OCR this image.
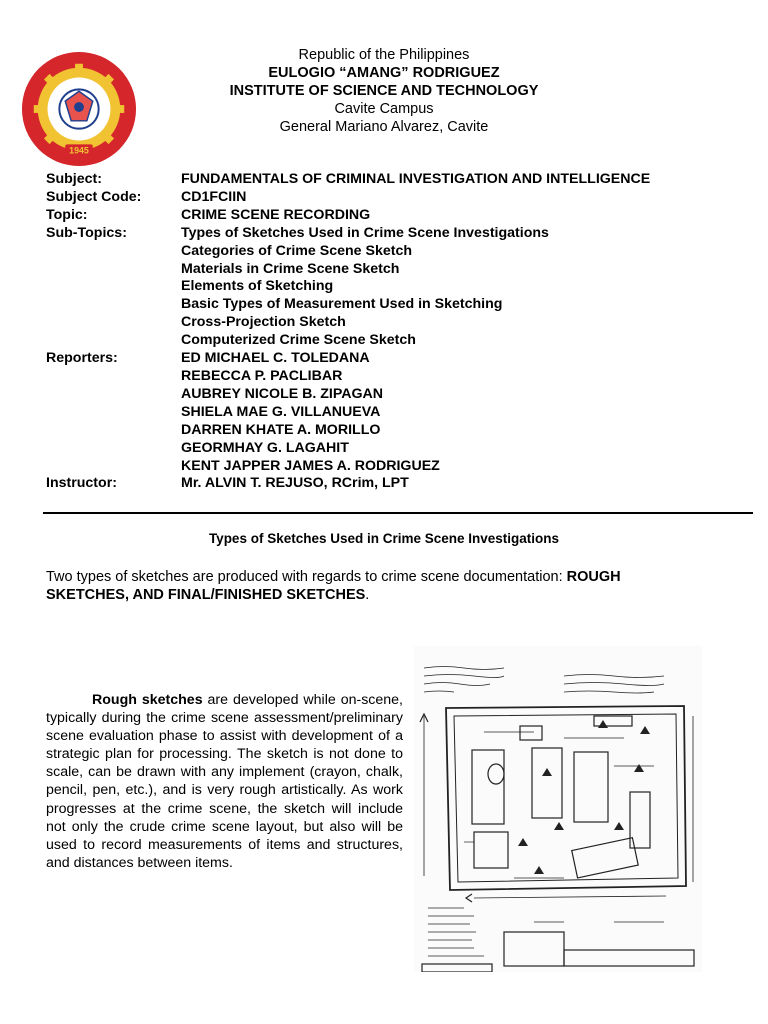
1945
Republic of the Philippines
EULOGIO “AMANG” RODRIGUEZ
INSTITUTE OF SCIENCE AND TECHNOLOGY
Cavite Campus
General Mariano Alvarez, Cavite
Subject:	FUNDAMENTALS OF CRIMINAL INVESTIGATION AND INTELLIGENCE
Subject Code:	CD1FCIIN
Topic:	CRIME SCENE RECORDING
Sub-Topics:	Types of Sketches Used in Crime Scene Investigations
Categories of Crime Scene Sketch
Materials in Crime Scene Sketch
Elements of Sketching
Basic Types of Measurement Used in Sketching
Cross-Projection Sketch
Computerized Crime Scene Sketch
Reporters:	ED MICHAEL C. TOLEDANA
REBECCA P. PACLIBAR
AUBREY NICOLE B. ZIPAGAN
SHIELA MAE G. VILLANUEVA
DARREN KHATE A. MORILLO
GEORMHAY G. LAGAHIT
KENT JAPPER JAMES A. RODRIGUEZ
Instructor:	Mr. ALVIN T. REJUSO, RCrim, LPT
Types of Sketches Used in Crime Scene Investigations
Two types of sketches are produced with regards to crime scene documentation: ROUGH SKETCHES, AND FINAL/FINISHED SKETCHES.
Rough sketches are developed while on-scene, typically during the crime scene assessment/preliminary scene evaluation phase to assist with development of a strategic plan for processing. The sketch is not done to scale, can be drawn with any implement (crayon, chalk, pencil, pen, etc.), and is very rough artistically. As work progresses at the crime scene, the sketch will include not only the crude crime scene layout, but also will be used to record measurements of items and structures, and distances between items.
